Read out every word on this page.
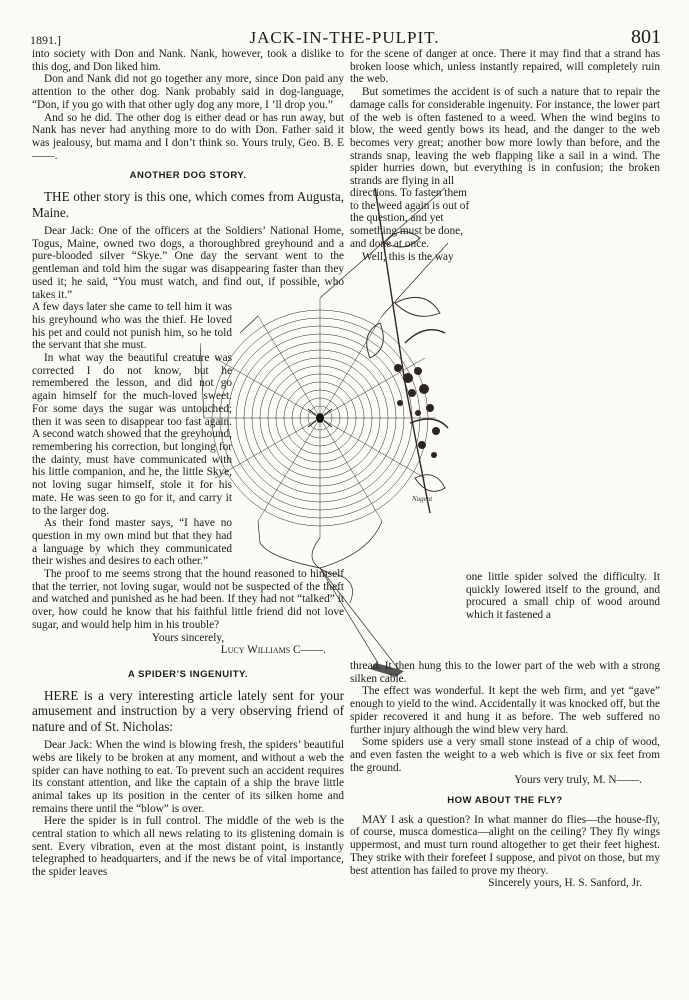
1891.]	JACK-IN-THE-PULPIT.	801

into society with Don and Nank. Nank, however, took a dislike to this dog, and Don liked him.

Don and Nank did not go together any more, since Don paid any attention to the other dog. Nank probably said in dog-language, “Don, if you go with that other ugly dog any more, I ’ll drop you.”

And so he did. The other dog is either dead or has run away, but Nank has never had anything more to do with Don. Father said it was jealousy, but mama and I don’t think so. Yours truly, Geo. B. E——.

ANOTHER DOG STORY.

THE other story is this one, which comes from Augusta, Maine.

Dear Jack: One of the officers at the Soldiers’ National Home, Togus, Maine, owned two dogs, a thoroughbred greyhound and a pure-blooded silver “Skye.” One day the servant went to the gentleman and told him the sugar was disappearing faster than they used it; he said, “You must watch, and find out, if possible, who takes it.”

A few days later she came to tell him it was his greyhound who was the thief. He loved his pet and could not punish him, so he told the servant that she must.

In what way the beautiful creature was corrected I do not know, but he remembered the lesson, and did not go again himself for the much-loved sweet. For some days the sugar was untouched; then it was seen to disappear too fast again. A second watch showed that the greyhound, remembering his correction, but longing for the dainty, must have communicated with his little companion, and he, the little Skye, not loving sugar himself, stole it for his mate. He was seen to go for it, and carry it to the larger dog.

As their fond master says, “I have no question in my own mind but that they had a language by which they communicated their wishes and desires to each other.”

The proof to me seems strong that the hound reasoned to himself that the terrier, not loving sugar, would not be suspected of the theft and watched and punished as he had been. If they had not “talked” it over, how could he know that his faithful little friend did not love sugar, and would help him in his trouble?

Yours sincerely,

Lucy Williams C——.

A SPIDER’S INGENUITY.

HERE is a very interesting article lately sent for your amusement and instruction by a very observing friend of nature and of St. Nicholas:

Dear Jack: When the wind is blowing fresh, the spiders’ beautiful webs are likely to be broken at any moment, and without a web the spider can have nothing to eat. To prevent such an accident requires its constant attention, and like the captain of a ship the brave little animal takes up its position in the center of its silken home and remains there until the “blow” is over.

Here the spider is in full control. The middle of the web is the central station to which all news relating to its glistening domain is sent. Every vibration, even at the most distant point, is instantly telegraphed to headquarters, and if the news be of vital importance, the spider leaves

for the scene of danger at once. There it may find that a strand has broken loose which, unless instantly repaired, will completely ruin the web.

But sometimes the accident is of such a nature that to repair the damage calls for considerable ingenuity. For instance, the lower part of the web is often fastened to a weed. When the wind begins to blow, the weed gently bows its head, and the danger to the web becomes very great; another bow more lowly than before, and the strands snap, leaving the web flapping like a sail in a wind. The spider hurries down, but everything is in confusion; the broken strands are flying in all

directions. To fasten them to the weed again is out of the question, and yet something must be done, and done at once.

Well, this is the way

Nugent

one little spider solved the difficulty. It quickly lowered itself to the ground, and procured a small chip of wood around which it fastened a

thread. It then hung this to the lower part of the web with a strong silken cable.

The effect was wonderful. It kept the web firm, and yet “gave” enough to yield to the wind. Accidentally it was knocked off, but the spider recovered it and hung it as before. The web suffered no further injury although the wind blew very hard.

Some spiders use a very small stone instead of a chip of wood, and even fasten the weight to a web which is five or six feet from the ground.

Yours very truly, M. N——.

HOW ABOUT THE FLY?

MAY I ask a question? In what manner do flies—the house-fly, of course, musca domestica—alight on the ceiling? They fly wings uppermost, and must turn round altogether to get their feet highest. They strike with their forefeet I suppose, and pivot on those, but my best attention has failed to prove my theory.

Sincerely yours, H. S. Sanford, Jr.
